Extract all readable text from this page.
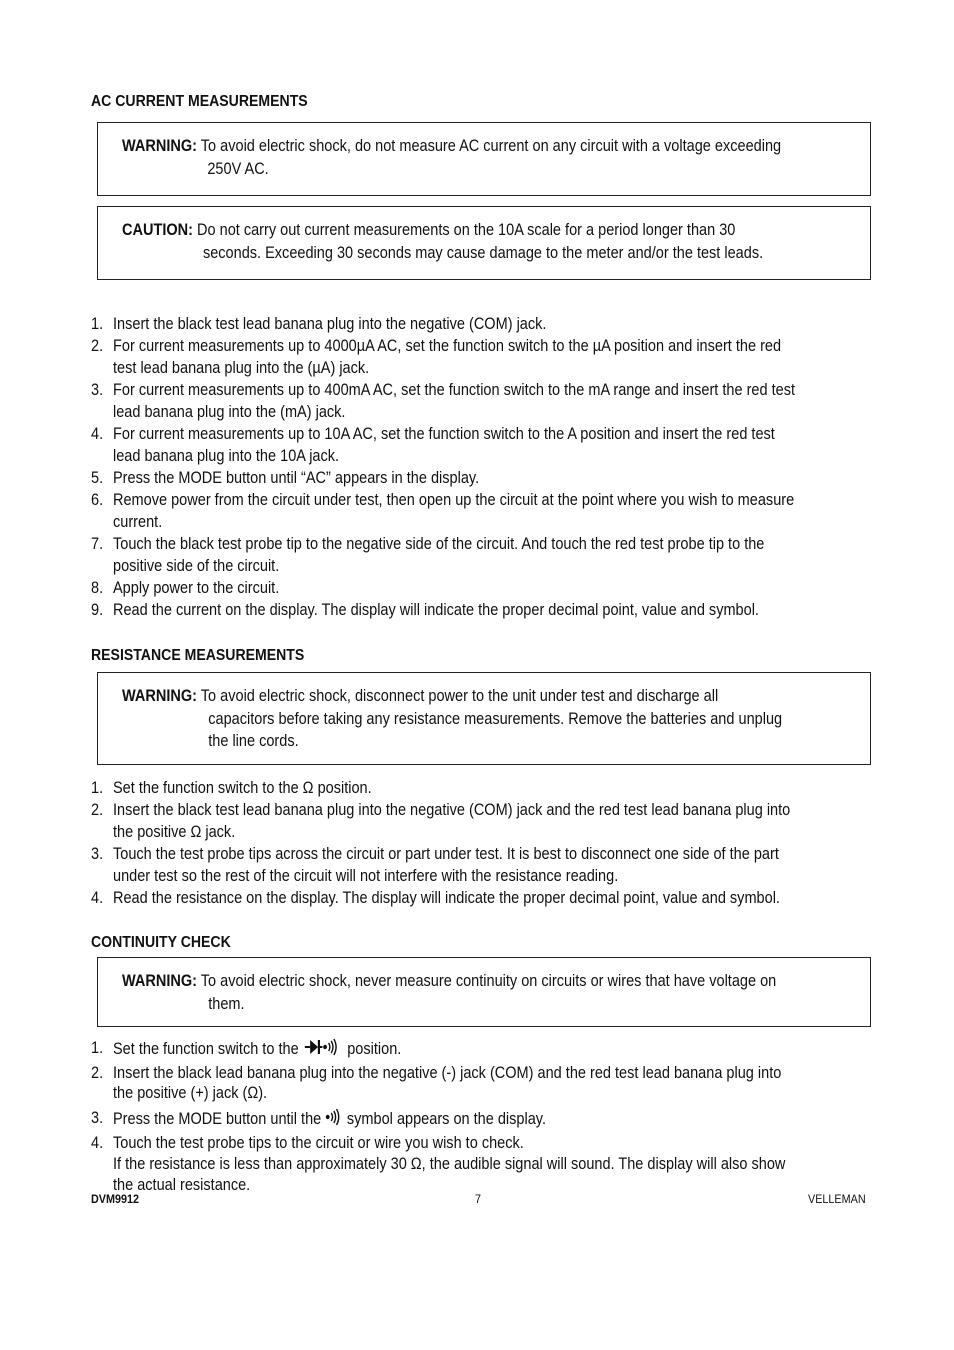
AC CURRENT MEASUREMENTS
WARNING: To avoid electric shock, do not measure AC current on any circuit with a voltage exceeding
250V AC.
CAUTION: Do not carry out current measurements on the 10A scale for a period longer than 30
seconds. Exceeding 30 seconds may cause damage to the meter and/or the test leads.
1. Insert the black test lead banana plug into the negative (COM) jack.
2. For current measurements up to 4000µA AC, set the function switch to the µA position and insert the red
test lead banana plug into the (µA) jack.
3. For current measurements up to 400mA AC, set the function switch to the mA range and insert the red test
lead banana plug into the (mA) jack.
4. For current measurements up to 10A AC, set the function switch to the A position and insert the red test
lead banana plug into the 10A jack.
5. Press the MODE button until “AC” appears in the display.
6. Remove power from the circuit under test, then open up the circuit at the point where you wish to measure
current.
7. Touch the black test probe tip to the negative side of the circuit. And touch the red test probe tip to the
positive side of the circuit.
8. Apply power to the circuit.
9. Read the current on the display. The display will indicate the proper decimal point, value and symbol.
RESISTANCE MEASUREMENTS
WARNING: To avoid electric shock, disconnect power to the unit under test and discharge all
capacitors before taking any resistance measurements. Remove the batteries and unplug
the line cords.
1. Set the function switch to the Ω position.
2. Insert the black test lead banana plug into the negative (COM) jack and the red test lead banana plug into
the positive Ω jack.
3. Touch the test probe tips across the circuit or part under test. It is best to disconnect one side of the part
under test so the rest of the circuit will not interfere with the resistance reading.
4. Read the resistance on the display. The display will indicate the proper decimal point, value and symbol.
CONTINUITY CHECK
WARNING: To avoid electric shock, never measure continuity on circuits or wires that have voltage on
them.
1. Set the function switch to the	position.
2. Insert the black lead banana plug into the negative (-) jack (COM) and the red test lead banana plug into
the positive (+) jack (Ω).
3. Press the MODE button until the symbol appears on the display.
4. Touch the test probe tips to the circuit or wire you wish to check.
If the resistance is less than approximately 30 Ω, the audible signal will sound. The display will also show
the actual resistance.
DVM9912	7	VELLEMAN
